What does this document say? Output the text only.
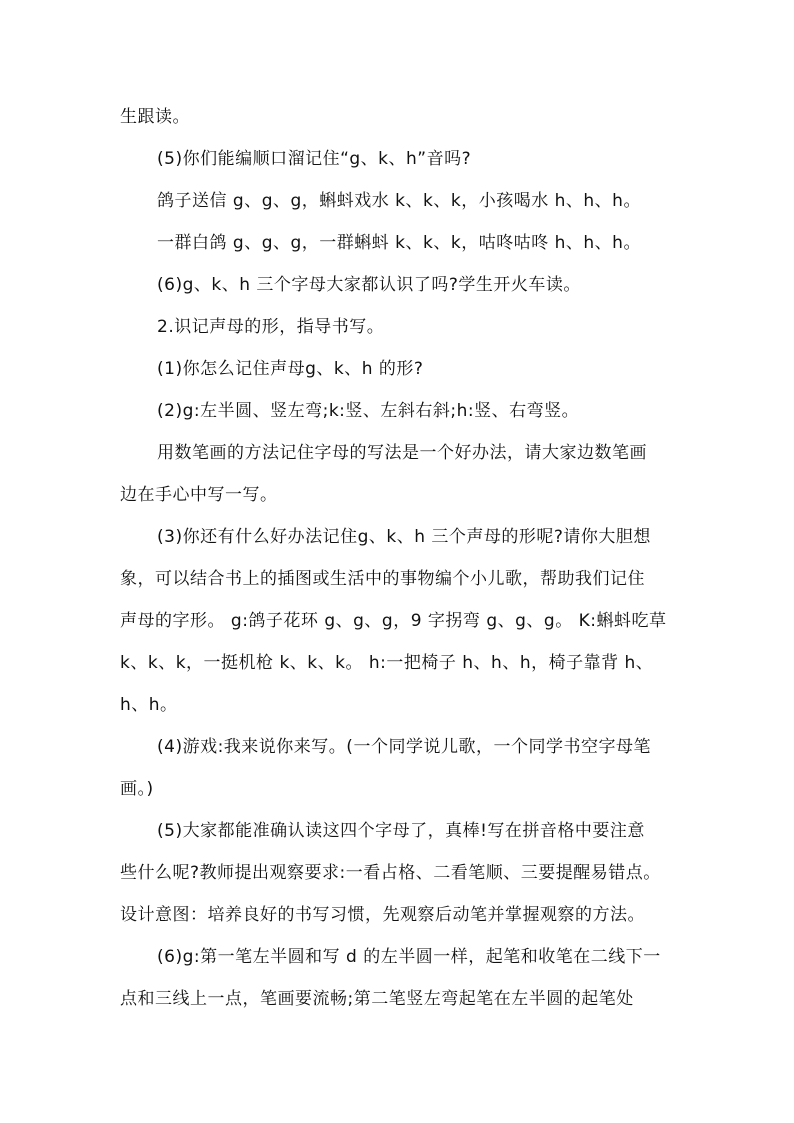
生跟读。
(5)你们能编顺口溜记住“g、k、h”音吗?
鸽子送信 g、g、g，蝌蚪戏水 k、k、k，小孩喝水 h、h、h。
一群白鸽 g、g、g，一群蝌蚪 k、k、k，咕咚咕咚 h、h、h。
(6)g、k、h 三个字母大家都认识了吗?学生开火车读。
2.识记声母的形，指导书写。
(1)你怎么记住声母g、k、h 的形?
(2)g:左半圆、竖左弯;k:竖、左斜右斜;h:竖、右弯竖。
用数笔画的方法记住字母的写法是一个好办法，请大家边数笔画
边在手心中写一写。
(3)你还有什么好办法记住g、k、h 三个声母的形呢?请你大胆想
象，可以结合书上的插图或生活中的事物编个小儿歌，帮助我们记住
声母的字形。 g:鸽子花环 g、g、g，9 字拐弯 g、g、g。 K:蝌蚪吃草
k、k、k，一挺机枪 k、k、k。 h:一把椅子 h、h、h，椅子靠背 h、
h、h。
(4)游戏:我来说你来写。(一个同学说儿歌，一个同学书空字母笔
画。)
(5)大家都能准确认读这四个字母了，真棒!写在拼音格中要注意
些什么呢?教师提出观察要求:一看占格、二看笔顺、三要提醒易错点。
设计意图：培养良好的书写习惯，先观察后动笔并掌握观察的方法。
(6)g:第一笔左半圆和写 d 的左半圆一样，起笔和收笔在二线下一
点和三线上一点，笔画要流畅;第二笔竖左弯起笔在左半圆的起笔处
